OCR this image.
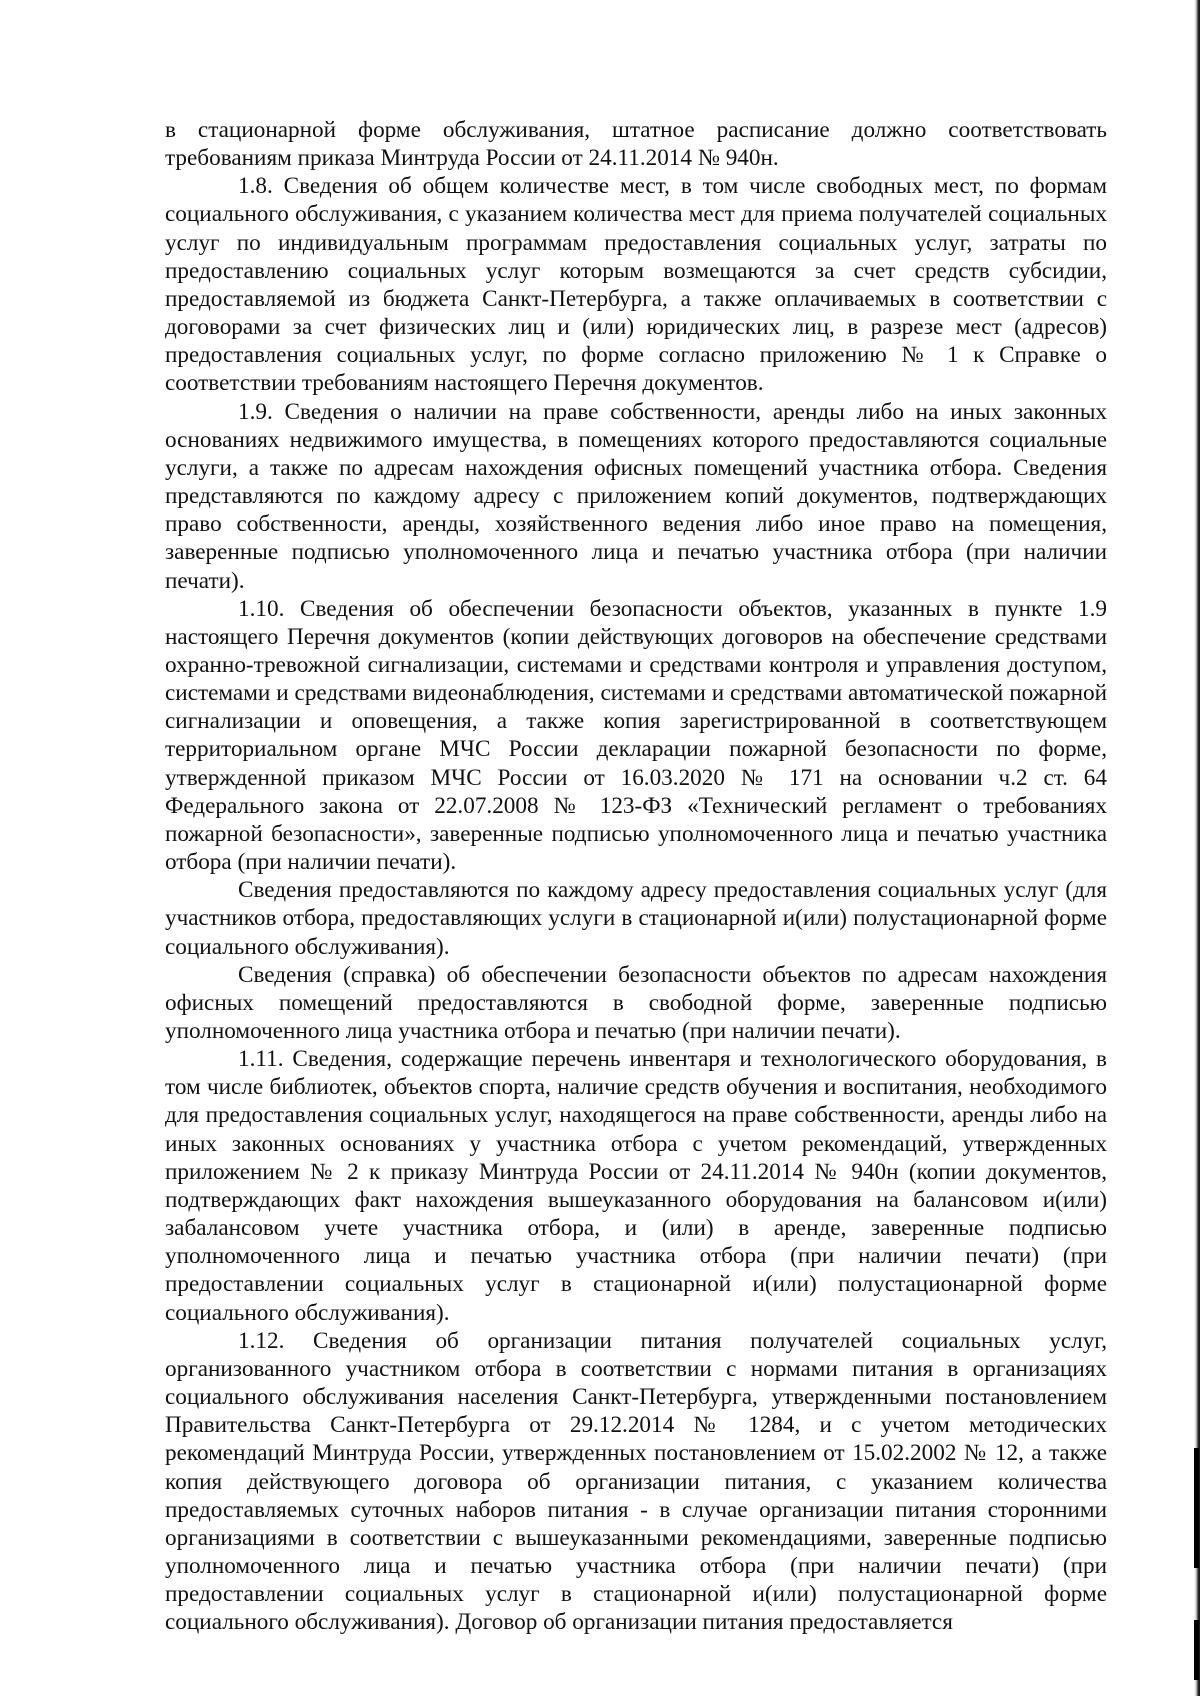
в стационарной форме обслуживания, штатное расписание должно соответствовать требованиям приказа Минтруда России от 24.11.2014 № 940н.

1.8. Сведения об общем количестве мест, в том числе свободных мест, по формам социального обслуживания, с указанием количества мест для приема получателей социальных услуг по индивидуальным программам предоставления социальных услуг, затраты по предоставлению социальных услуг которым возмещаются за счет средств субсидии, предоставляемой из бюджета Санкт-Петербурга, а также оплачиваемых в соответствии с договорами за счет физических лиц и (или) юридических лиц, в разрезе мест (адресов) предоставления социальных услуг, по форме согласно приложению № 1 к Справке о соответствии требованиям настоящего Перечня документов.

1.9. Сведения о наличии на праве собственности, аренды либо на иных законных основаниях недвижимого имущества, в помещениях которого предоставляются социальные услуги, а также по адресам нахождения офисных помещений участника отбора. Сведения представляются по каждому адресу с приложением копий документов, подтверждающих право собственности, аренды, хозяйственного ведения либо иное право на помещения, заверенные подписью уполномоченного лица и печатью участника отбора (при наличии печати).

1.10. Сведения об обеспечении безопасности объектов, указанных в пункте 1.9 настоящего Перечня документов (копии действующих договоров на обеспечение средствами охранно-тревожной сигнализации, системами и средствами контроля и управления доступом, системами и средствами видеонаблюдения, системами и средствами автоматической пожарной сигнализации и оповещения, а также копия зарегистрированной в соответствующем территориальном органе МЧС России декларации пожарной безопасности по форме, утвержденной приказом МЧС России от 16.03.2020 № 171 на основании ч.2 ст. 64 Федерального закона от 22.07.2008 № 123-ФЗ «Технический регламент о требованиях пожарной безопасности», заверенные подписью уполномоченного лица и печатью участника отбора (при наличии печати).

Сведения предоставляются по каждому адресу предоставления социальных услуг (для участников отбора, предоставляющих услуги в стационарной и(или) полустационарной форме социального обслуживания).

Сведения (справка) об обеспечении безопасности объектов по адресам нахождения офисных помещений предоставляются в свободной форме, заверенные подписью уполномоченного лица участника отбора и печатью (при наличии печати).

1.11. Сведения, содержащие перечень инвентаря и технологического оборудования, в том числе библиотек, объектов спорта, наличие средств обучения и воспитания, необходимого для предоставления социальных услуг, находящегося на праве собственности, аренды либо на иных законных основаниях у участника отбора с учетом рекомендаций, утвержденных приложением № 2 к приказу Минтруда России от 24.11.2014 № 940н (копии документов, подтверждающих факт нахождения вышеуказанного оборудования на балансовом и(или) забалансовом учете участника отбора, и (или) в аренде, заверенные подписью уполномоченного лица и печатью участника отбора (при наличии печати) (при предоставлении социальных услуг в стационарной и(или) полустационарной форме социального обслуживания).

1.12. Сведения об организации питания получателей социальных услуг, организованного участником отбора в соответствии с нормами питания в организациях социального обслуживания населения Санкт-Петербурга, утвержденными постановлением Правительства Санкт-Петербурга от 29.12.2014 № 1284, и с учетом методических рекомендаций Минтруда России, утвержденных постановлением от 15.02.2002 № 12, а также копия действующего договора об организации питания, с указанием количества предоставляемых суточных наборов питания - в случае организации питания сторонними организациями в соответствии с вышеуказанными рекомендациями, заверенные подписью уполномоченного лица и печатью участника отбора (при наличии печати) (при предоставлении социальных услуг в стационарной и(или) полустационарной форме социального обслуживания). Договор об организации питания предоставляется
